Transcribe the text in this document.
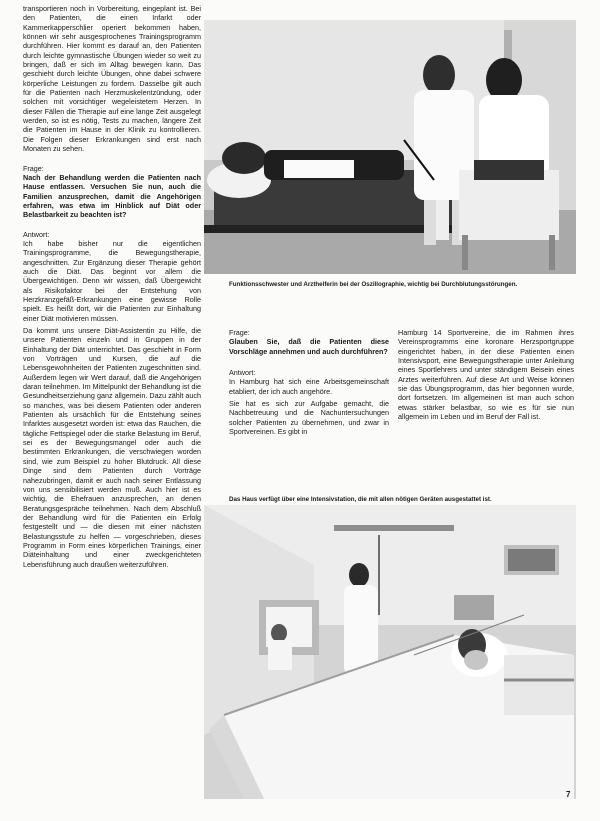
transportieren noch in Vorbereitung, eingeplant ist. Bei den Patienten, die einen Infarkt oder Kammerkapperschlier operiert bekommen haben, können wir sehr ausgesprochenes Trainingsprogramm durchführen. Hier kommt es darauf an, den Patienten durch leichte gymnastische Übungen wieder so weit zu bringen, daß er sich im Alltag bewegen kann. Das geschieht durch leichte Übungen, ohne dabei schwere körperliche Leistungen zu fordern. Dasselbe gilt auch für die Patienten nach Herzmuskelentzündung, oder solchen mit vorsichtiger wegeleistetem Herzen. In dieser Fällen die Therapie auf eine lange Zeit ausgelegt werden, so ist es nötig, Tests zu machen, längere Zeit die Patienten im Hause in der Klinik zu kontrollieren. Die Folgen dieser Erkrankungen sind erst nach Monaten zu sehen.

Frage:
Nach der Behandlung werden die Patienten nach Hause entlassen. Versuchen Sie nun, auch die Familien anzusprechen, damit die Angehörigen erfahren, was etwa im Hinblick auf Diät oder Belastbarkeit zu beachten ist?

Antwort:
Ich habe bisher nur die eigentlichen Trainingsprogramme, die Bewegungstherapie, angeschnitten. Zur Ergänzung dieser Therapie gehört auch die Diät. Das beginnt vor allem die Übergewichtigen. Denn wir wissen, daß Übergewicht als Risikofaktor bei der Entstehung von Herzkranzgefäß-Erkrankungen eine gewisse Rolle spielt. Es heißt dort, wir die Patienten zur Einhaltung einer Diät motivieren müssen.

Da kommt uns unsere Diät-Assistentin zu Hilfe, die unsere Patienten einzeln und in Gruppen in der Einhaltung der Diät unterrichtet. Das geschieht in Form von Vorträgen und Kursen, die auf die Lebensgewohnheiten der Patienten zugeschnitten sind. Außerdem legen wir Wert darauf, daß die Angehörigen daran teilnehmen. Im Mittelpunkt der Behandlung ist die Gesundheitserziehung ganz allgemein. Dazu zählt auch so manches, was bei diesem Patienten oder anderen Patienten als ursächlich für die Entstehung seines Infarktes ausgesetzt worden ist: etwa das Rauchen, die tägliche Fettspiegel oder die starke Belastung im Beruf, sei es der Bewegungsmangel oder auch die bestimmten Erkrankungen, die verschwiegen worden sind, wie zum Beispiel zu hoher Blutdruck. All diese Dinge sind dem Patienten durch Vorträge nahezubringen, damit er auch nach seiner Entlassung von uns sensibilisiert werden muß. Auch hier ist es wichtig, die Ehefrauen anzusprechen, an denen Beratungsgespräche teilnehmen. Nach dem Abschluß der Behandlung wird für die Patienten ein Erfolg festgestellt und — die diesen mit einer nächsten Belastungsstufe zu helfen — vorgeschrieben, dieses Programm in Form eines körperlichen Trainings, einer Diäteinhaltung und einer zweckgerichteten Lebensführung auch draußen weiterzuführen.

Funktionsschwester und Arzthelferin bei der Oszillographie, wichtig bei Durchblutungsstörungen.

Frage:
Glauben Sie, daß die Patienten diese Vorschläge annehmen und auch durchführen?

Antwort:
In Hamburg hat sich eine Arbeitsgemeinschaft etabliert, der ich auch angehöre.

Sie hat es sich zur Aufgabe gemacht, die Nachbetreuung und die Nachuntersuchungen solcher Patienten zu übernehmen, und zwar in Sportvereinen. Es gibt in

Hamburg 14 Sportvereine, die im Rahmen ihres Vereinsprogramms eine koronare Herzsportgruppe eingerichtet haben, in der diese Patienten einen Intensivsport, eine Bewegungstherapie unter Anleitung eines Sportlehrers und unter ständigem Beisein eines Arztes weiterführen. Auf diese Art und Weise können sie das Übungsprogramm, das hier begonnen wurde, dort fortsetzen. Im allgemeinen ist man auch schon etwas stärker belastbar, so wie es für sie nun allgemein im Leben und im Beruf der Fall ist.

Das Haus verfügt über eine Intensivstation, die mit allen nötigen Geräten ausgestattet ist.
7
